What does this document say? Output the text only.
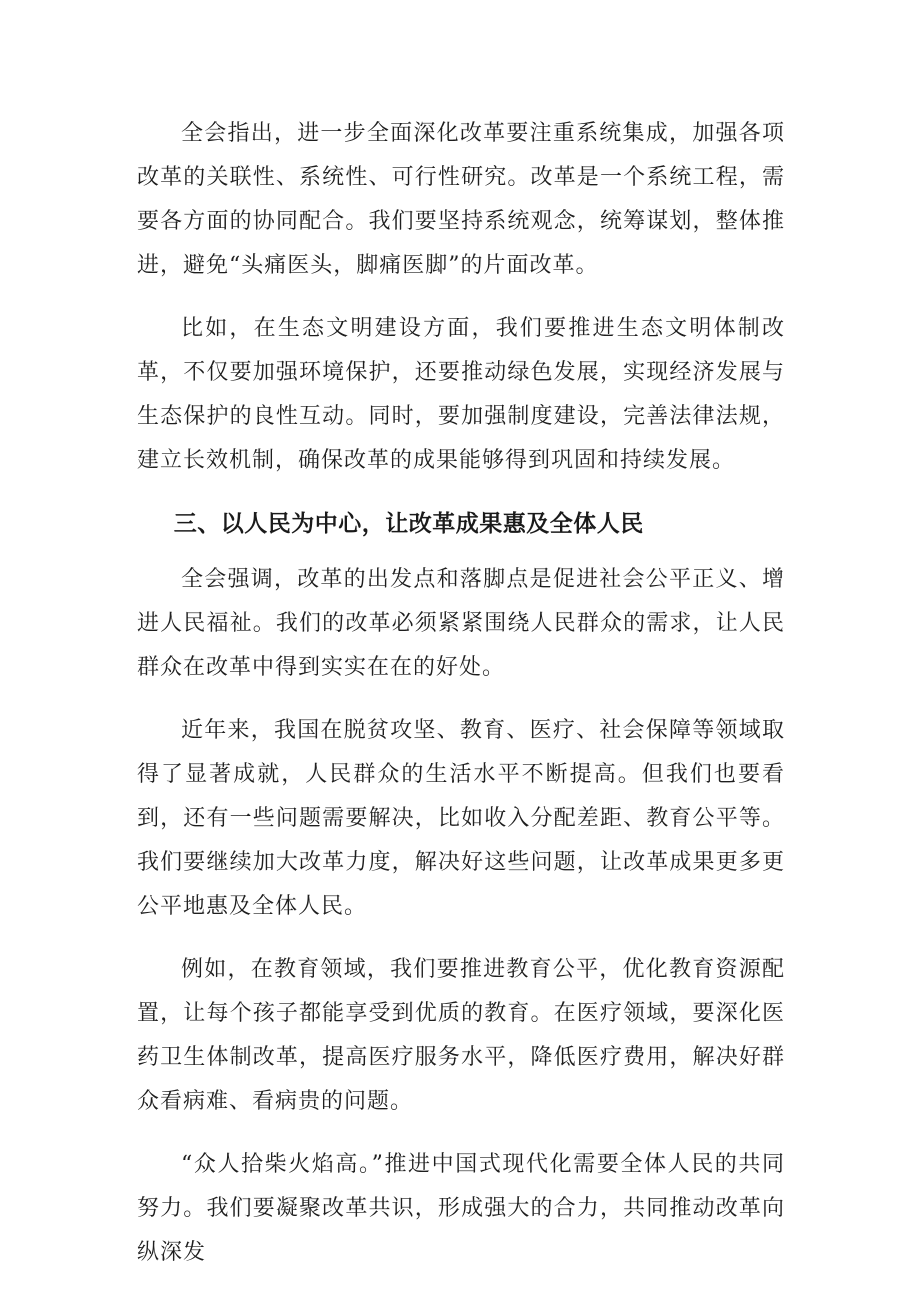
全会指出，进一步全面深化改革要注重系统集成，加强各项改革的关联性、系统性、可行性研究。改革是一个系统工程，需要各方面的协同配合。我们要坚持系统观念，统筹谋划，整体推进，避免“头痛医头，脚痛医脚”的片面改革。

比如，在生态文明建设方面，我们要推进生态文明体制改革，不仅要加强环境保护，还要推动绿色发展，实现经济发展与生态保护的良性互动。同时，要加强制度建设，完善法律法规，建立长效机制，确保改革的成果能够得到巩固和持续发展。

三、以人民为中心，让改革成果惠及全体人民

全会强调，改革的出发点和落脚点是促进社会公平正义、增进人民福祉。我们的改革必须紧紧围绕人民群众的需求，让人民群众在改革中得到实实在在的好处。

近年来，我国在脱贫攻坚、教育、医疗、社会保障等领域取得了显著成就，人民群众的生活水平不断提高。但我们也要看到，还有一些问题需要解决，比如收入分配差距、教育公平等。我们要继续加大改革力度，解决好这些问题，让改革成果更多更公平地惠及全体人民。

例如，在教育领域，我们要推进教育公平，优化教育资源配置，让每个孩子都能享受到优质的教育。在医疗领域，要深化医药卫生体制改革，提高医疗服务水平，降低医疗费用，解决好群众看病难、看病贵的问题。

“众人拾柴火焰高。”推进中国式现代化需要全体人民的共同努力。我们要凝聚改革共识，形成强大的合力，共同推动改革向纵深发
